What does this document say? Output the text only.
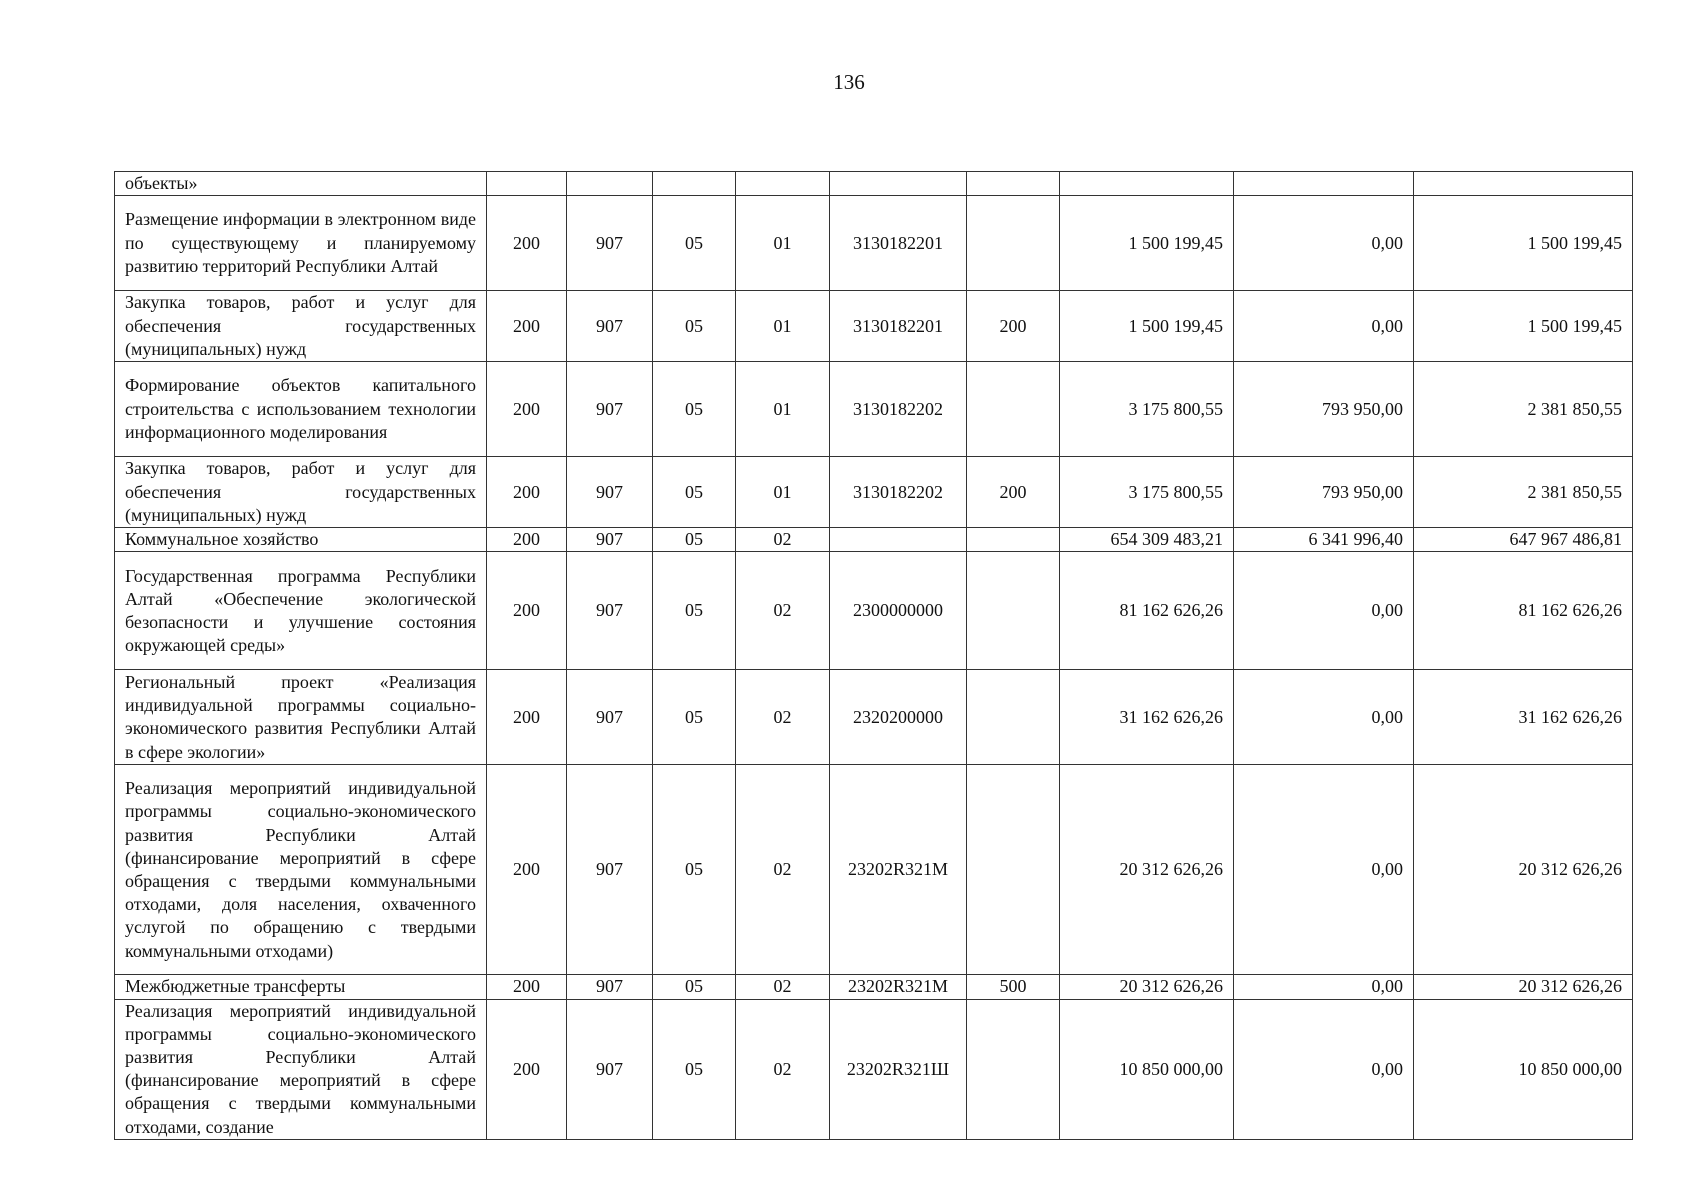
136
объекты»									
Размещение информации в электронном виде по существующему и планируемому развитию территорий Республики Алтай	200	907	05	01	3130182201		1 500 199,45	0,00	1 500 199,45
Закупка товаров, работ и услуг для обеспечения государственных (муниципальных) нужд	200	907	05	01	3130182201	200	1 500 199,45	0,00	1 500 199,45
Формирование объектов капитального строительства с использованием технологии информационного моделирования	200	907	05	01	3130182202		3 175 800,55	793 950,00	2 381 850,55
Закупка товаров, работ и услуг для обеспечения государственных (муниципальных) нужд	200	907	05	01	3130182202	200	3 175 800,55	793 950,00	2 381 850,55
Коммунальное хозяйство	200	907	05	02			654 309 483,21	6 341 996,40	647 967 486,81
Государственная программа Республики Алтай «Обеспечение экологической безопасности и улучшение состояния окружающей среды»	200	907	05	02	2300000000		81 162 626,26	0,00	81 162 626,26
Региональный проект «Реализация индивидуальной программы социально-экономического развития Республики Алтай в сфере экологии»	200	907	05	02	2320200000		31 162 626,26	0,00	31 162 626,26
Реализация мероприятий индивидуальной программы социально-экономического развития Республики Алтай (финансирование мероприятий в сфере обращения с твердыми коммунальными отходами, доля населения, охваченного услугой по обращению с твердыми коммунальными отходами)	200	907	05	02	23202R321M		20 312 626,26	0,00	20 312 626,26
Межбюджетные трансферты	200	907	05	02	23202R321M	500	20 312 626,26	0,00	20 312 626,26
Реализация мероприятий индивидуальной программы социально-экономического развития Республики Алтай (финансирование мероприятий в сфере обращения с твердыми коммунальными отходами, создание	200	907	05	02	23202R321Ш		10 850 000,00	0,00	10 850 000,00
